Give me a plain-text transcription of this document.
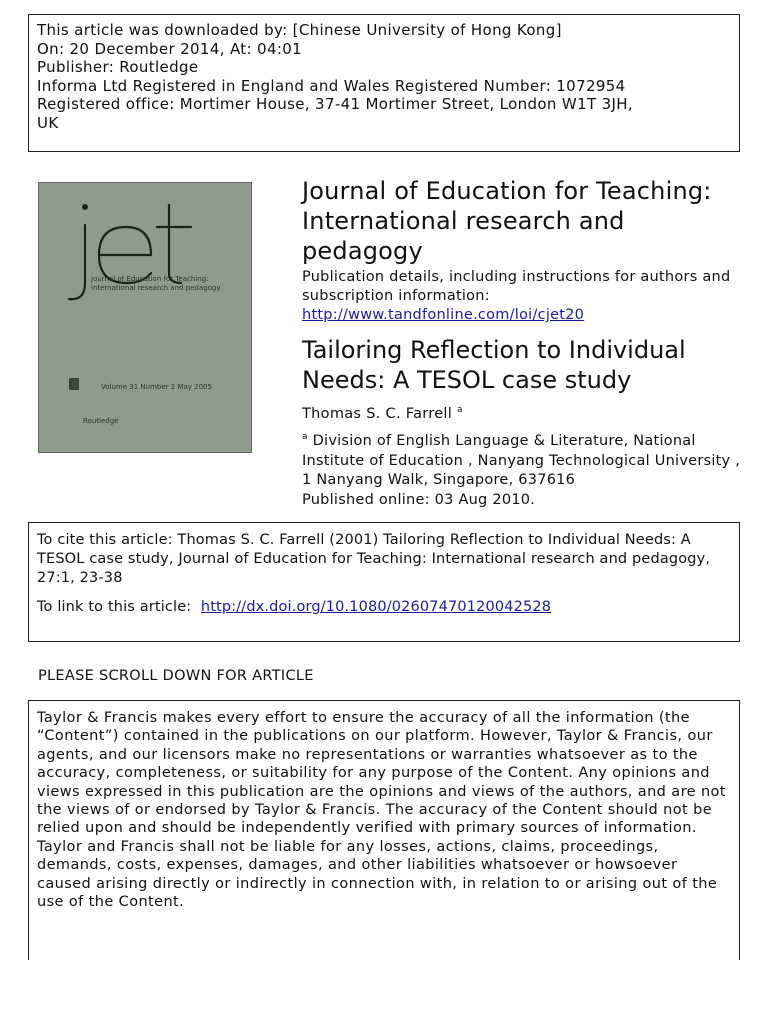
This article was downloaded by: [Chinese University of Hong Kong]
On: 20 December 2014, At: 04:01
Publisher: Routledge
Informa Ltd Registered in England and Wales Registered Number: 1072954
Registered office: Mortimer House, 37-41 Mortimer Street, London W1T 3JH,
UK
Journal of Education for Teaching:
international research and pedagogy
Volume 31 Number 2 May 2005
Routledge
Journal of Education for Teaching: International research and pedagogy
Publication details, including instructions for authors and subscription information:
http://www.tandfonline.com/loi/cjet20
Tailoring Reflection to Individual Needs: A TESOL case study
Thomas S. C. Farrell $^a$
$^a$ Division of English Language & Literature, National Institute of Education , Nanyang Technological University , 1 Nanyang Walk, Singapore, 637616
Published online: 03 Aug 2010.
To cite this article: Thomas S. C. Farrell (2001) Tailoring Reflection to Individual Needs: A TESOL case study, Journal of Education for Teaching: International research and pedagogy, 27:1, 23-38
To link to this article: http://dx.doi.org/10.1080/02607470120042528
PLEASE SCROLL DOWN FOR ARTICLE
Taylor & Francis makes every effort to ensure the accuracy of all the information (the “Content”) contained in the publications on our platform. However, Taylor & Francis, our agents, and our licensors make no representations or warranties whatsoever as to the accuracy, completeness, or suitability for any purpose of the Content. Any opinions and views expressed in this publication are the opinions and views of the authors, and are not the views of or endorsed by Taylor & Francis. The accuracy of the Content should not be relied upon and should be independently verified with primary sources of information. Taylor and Francis shall not be liable for any losses, actions, claims, proceedings, demands, costs, expenses, damages, and other liabilities whatsoever or howsoever caused arising directly or indirectly in connection with, in relation to or arising out of the use of the Content.
